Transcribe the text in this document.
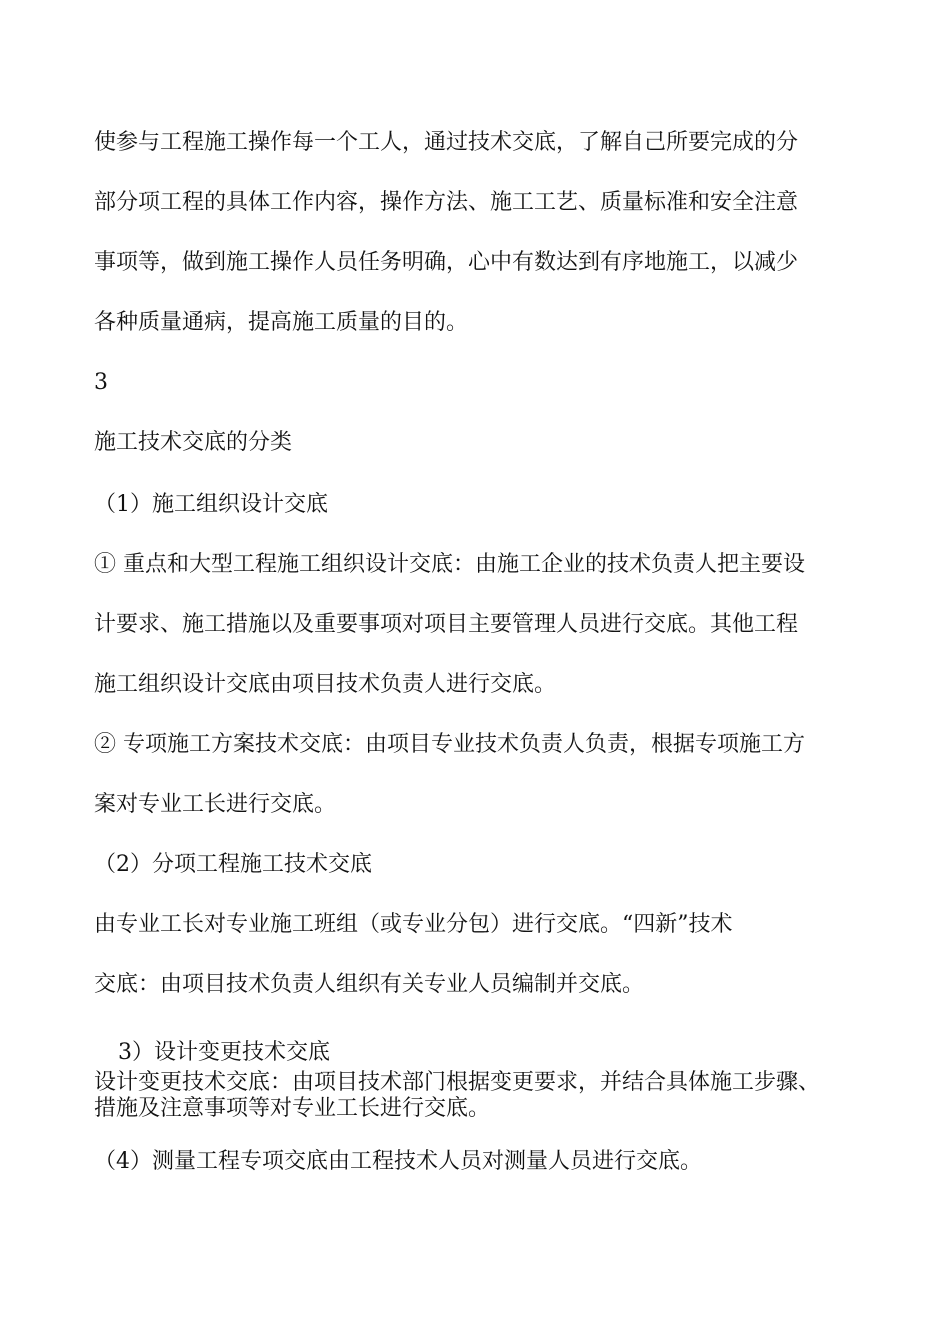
使参与工程施工操作每一个工人，通过技术交底，了解自己所要完成的分
部分项工程的具体工作内容，操作方法、施工工艺、质量标准和安全注意
事项等，做到施工操作人员任务明确，心中有数达到有序地施工，以减少
各种质量通病，提高施工质量的目的。
3
施工技术交底的分类
（1）施工组织设计交底
① 重点和大型工程施工组织设计交底：由施工企业的技术负责人把主要设
计要求、施工措施以及重要事项对项目主要管理人员进行交底。其他工程
施工组织设计交底由项目技术负责人进行交底。
② 专项施工方案技术交底：由项目专业技术负责人负责，根据专项施工方
案对专业工长进行交底。
（2）分项工程施工技术交底
由专业工长对专业施工班组（或专业分包）进行交底。“四新”技术
交底：由项目技术负责人组织有关专业人员编制并交底。
3）设计变更技术交底
设计变更技术交底：由项目技术部门根据变更要求，并结合具体施工步骤、
措施及注意事项等对专业工长进行交底。
（4）测量工程专项交底由工程技术人员对测量人员进行交底。
